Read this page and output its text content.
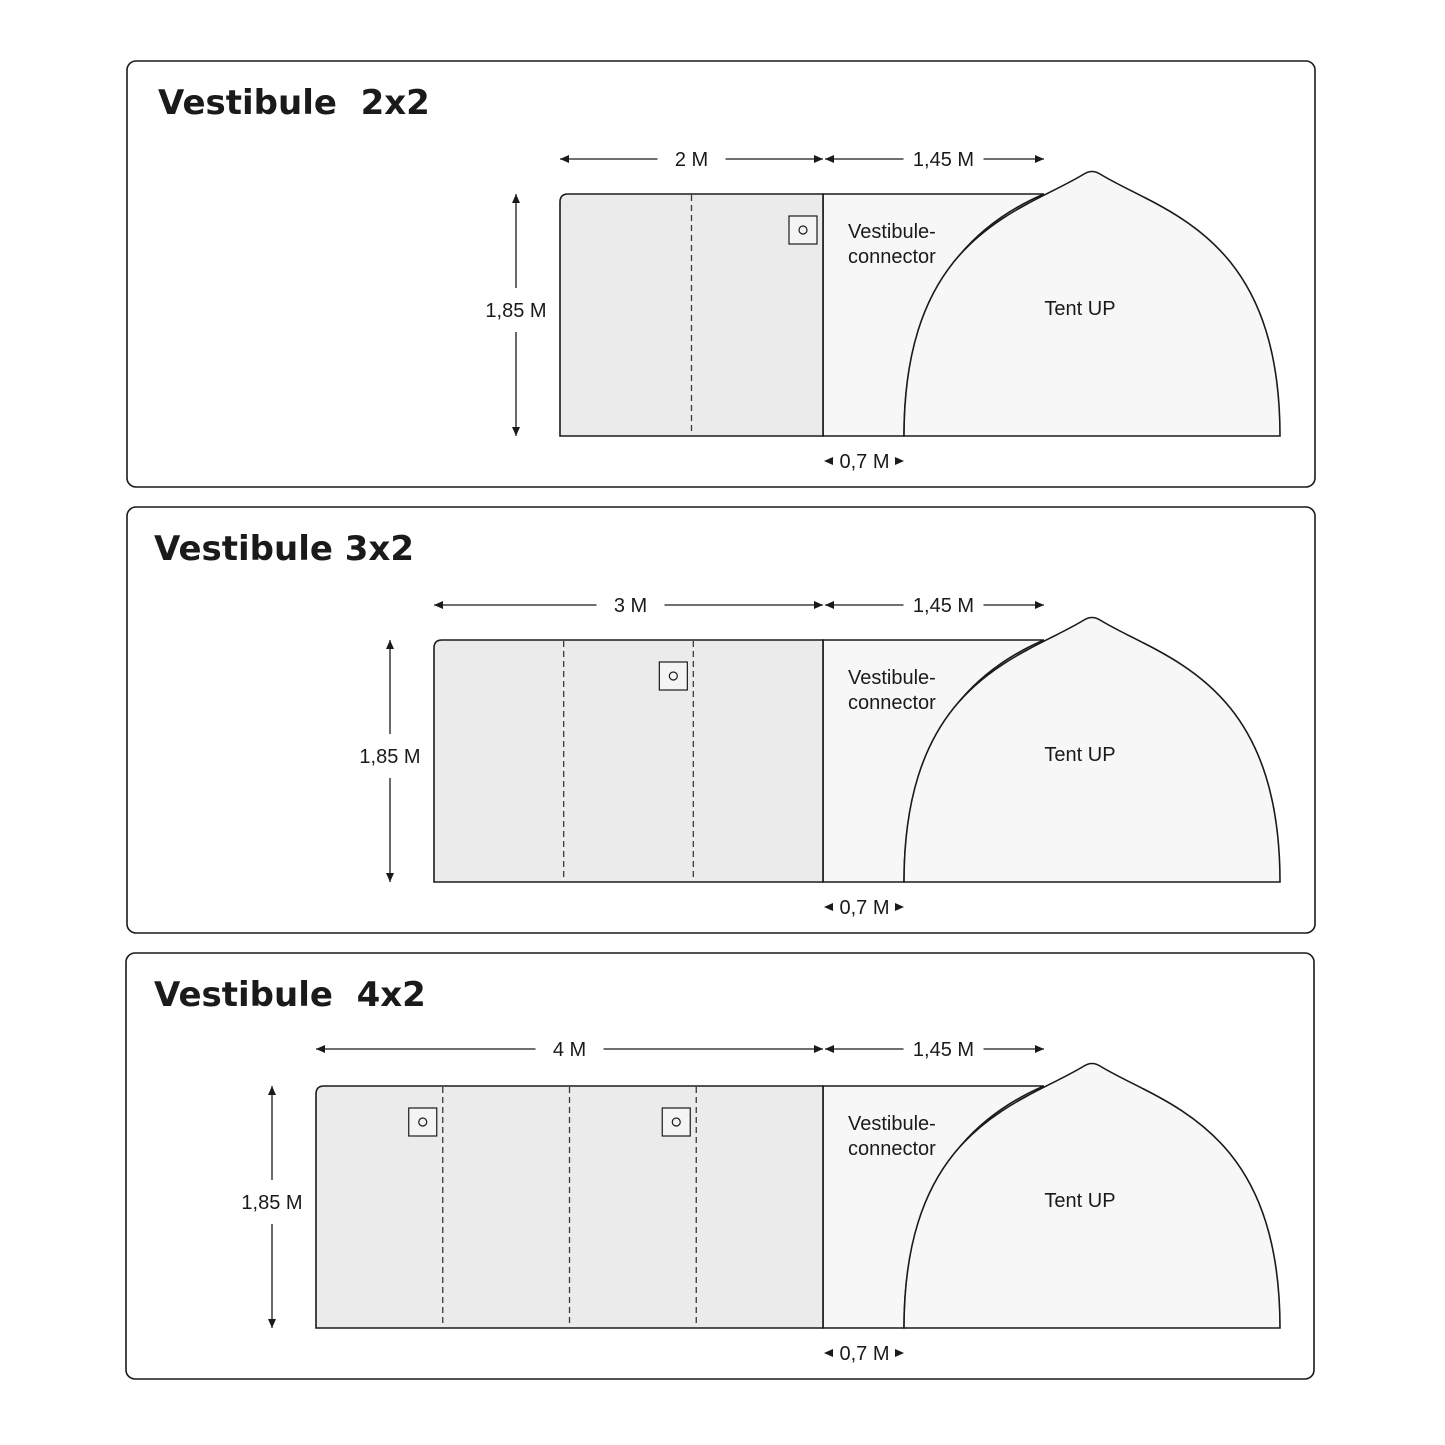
Vestibule  2x2
2 M	1,45 M
1,85 M
0,7 M
Vestibule-connector
Tent UP
Vestibule 3x2
3 M	1,45 M
1,85 M
0,7 M
Vestibule-connector
Tent UP
Vestibule  4x2
4 M	1,45 M
1,85 M
0,7 M
Vestibule-connector
Tent UP
